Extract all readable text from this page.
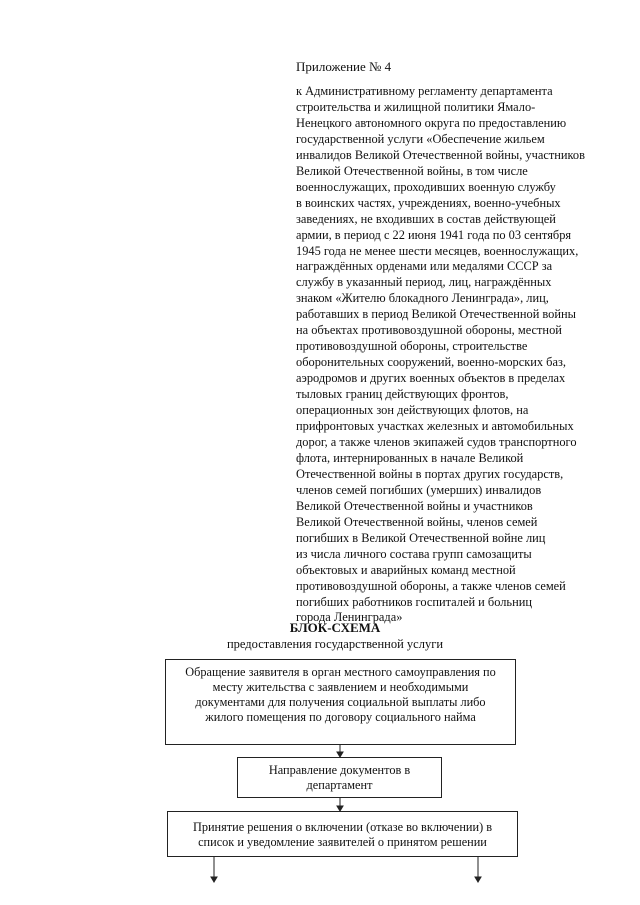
Приложение № 4
к Административному регламенту департамента
строительства и жилищной политики Ямало-
Ненецкого автономного округа по предоставлению
государственной услуги «Обеспечение жильем
инвалидов Великой Отечественной войны, участников
Великой Отечественной войны, в том числе
военнослужащих, проходивших военную службу
в воинских частях, учреждениях, военно-учебных
заведениях, не входивших в состав действующей
армии, в период с 22 июня 1941 года по 03 сентября
1945 года не менее шести месяцев, военнослужащих,
награждённых орденами или медалями СССР за
службу в указанный период, лиц, награждённых
знаком «Жителю блокадного Ленинграда», лиц,
работавших в период Великой Отечественной войны
на объектах противовоздушной обороны, местной
противовоздушной обороны, строительстве
оборонительных сооружений, военно-морских баз,
аэродромов и других военных объектов в пределах
тыловых границ действующих фронтов,
операционных зон действующих флотов, на
прифронтовых участках железных и автомобильных
дорог, а также членов экипажей судов транспортного
флота, интернированных в начале Великой
Отечественной войны в портах других государств,
членов семей погибших (умерших) инвалидов
Великой Отечественной войны и участников
Великой Отечественной войны, членов семей
погибших в Великой Отечественной войне лиц
из числа личного состава групп самозащиты
объектовых и аварийных команд местной
противовоздушной обороны, а также членов семей
погибших работников госпиталей и больниц
города Ленинграда»
БЛОК-СХЕМА
предоставления государственной услуги
Обращение заявителя в орган местного самоуправления по
месту жительства с заявлением и необходимыми
документами для получения социальной выплаты либо
жилого помещения по договору социального найма
Направление документов в
департамент
Принятие решения о включении (отказе во включении) в
список и уведомление заявителей о принятом решении
